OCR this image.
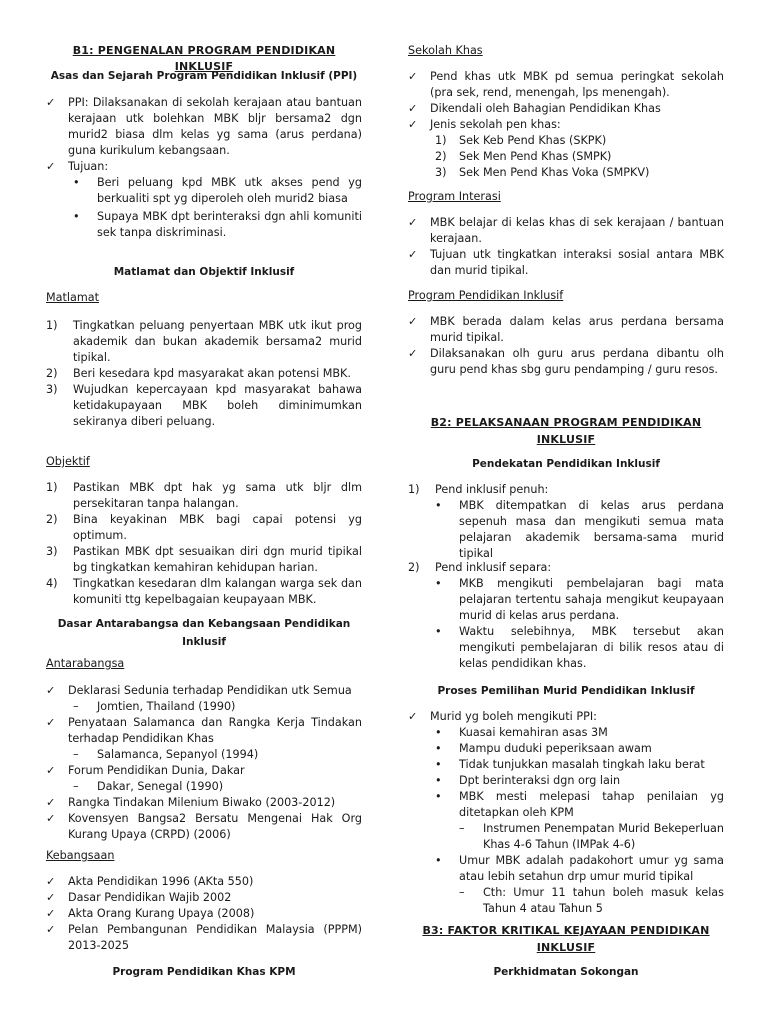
B1: PENGENALAN PROGRAM PENDIDIKAN INKLUSIF
Asas dan Sejarah Program Pendidikan Inklusif (PPI)
✓	PPI: Dilaksanakan di sekolah kerajaan atau bantuan kerajaan utk bolehkan MBK bljr bersama2 dgn murid2 biasa dlm kelas yg sama (arus perdana) guna kurikulum kebangsaan.
✓	Tujuan:
•	Beri peluang kpd MBK utk akses pend yg berkualiti spt yg diperoleh oleh murid2 biasa
•	Supaya MBK dpt berinteraksi dgn ahli komuniti sek tanpa diskriminasi.
Matlamat dan Objektif Inklusif
Matlamat
1)	Tingkatkan peluang penyertaan MBK utk ikut prog akademik dan bukan akademik bersama2 murid tipikal.
2)	Beri kesedara kpd masyarakat akan potensi MBK.
3)	Wujudkan kepercayaan kpd masyarakat bahawa ketidakupayaan MBK boleh diminimumkan sekiranya diberi peluang.
Objektif
1)	Pastikan MBK dpt hak yg sama utk bljr dlm persekitaran tanpa halangan.
2)	Bina keyakinan MBK bagi capai potensi yg optimum.
3)	Pastikan MBK dpt sesuaikan diri dgn murid tipikal bg tingkatkan kemahiran kehidupan harian.
4)	Tingkatkan kesedaran dlm kalangan warga sek dan komuniti ttg kepelbagaian keupayaan MBK.
Dasar Antarabangsa dan Kebangsaan Pendidikan Inklusif
Antarabangsa
✓	Deklarasi Sedunia terhadap Pendidikan utk Semua
–	Jomtien, Thailand (1990)
✓	Penyataan Salamanca dan Rangka Kerja Tindakan terhadap Pendidikan Khas
–	Salamanca, Sepanyol (1994)
✓	Forum Pendidikan Dunia, Dakar
–	Dakar, Senegal (1990)
✓	Rangka Tindakan Milenium Biwako (2003-2012)
✓	Kovensyen Bangsa2 Bersatu Mengenai Hak Org Kurang Upaya (CRPD) (2006)
Kebangsaan
✓	Akta Pendidikan 1996 (AKta 550)
✓	Dasar Pendidikan Wajib 2002
✓	Akta Orang Kurang Upaya (2008)
✓	Pelan Pembangunan Pendidikan Malaysia (PPPM) 2013-2025
Program Pendidikan Khas KPM
Sekolah Khas
✓	Pend khas utk MBK pd semua peringkat sekolah (pra sek, rend, menengah, lps menengah).
✓	Dikendali oleh Bahagian Pendidikan Khas
✓	Jenis sekolah pen khas:
1)	Sek Keb Pend Khas (SKPK)
2)	Sek Men Pend Khas (SMPK)
3)	Sek Men Pend Khas Voka (SMPKV)
Program Interasi
✓	MBK belajar di kelas khas di sek kerajaan / bantuan kerajaan.
✓	Tujuan utk tingkatkan interaksi sosial antara MBK dan murid tipikal.
Program Pendidikan Inklusif
✓	MBK berada dalam kelas arus perdana bersama murid tipikal.
✓	Dilaksanakan olh guru arus perdana dibantu olh guru pend khas sbg guru pendamping / guru resos.
B2: PELAKSANAAN PROGRAM PENDIDIKAN
INKLUSIF
Pendekatan Pendidikan Inklusif
1)	Pend inklusif penuh:
•	MBK ditempatkan di kelas arus perdana sepenuh masa dan mengikuti semua mata pelajaran akademik bersama-sama murid tipikal
2)	Pend inklusif separa:
•	MKB mengikuti pembelajaran bagi mata pelajaran tertentu sahaja mengikut keupayaan murid di kelas arus perdana.
•	Waktu selebihnya, MBK tersebut akan mengikuti pembelajaran di bilik resos atau di kelas pendidikan khas.
Proses Pemilihan Murid Pendidikan Inklusif
✓	Murid yg boleh mengikuti PPI:
•	Kuasai kemahiran asas 3M
•	Mampu duduki peperiksaan awam
•	Tidak tunjukkan masalah tingkah laku berat
•	Dpt berinteraksi dgn org lain
•	MBK mesti melepasi tahap penilaian yg ditetapkan oleh KPM
–	Instrumen Penempatan Murid Bekeperluan Khas 4-6 Tahun (IMPak 4-6)
•	Umur MBK adalah padakohort umur yg sama atau lebih setahun drp umur murid tipikal
–	Cth: Umur 11 tahun boleh masuk kelas Tahun 4 atau Tahun 5
B3: FAKTOR KRITIKAL KEJAYAAN PENDIDIKAN
INKLUSIF
Perkhidmatan Sokongan
